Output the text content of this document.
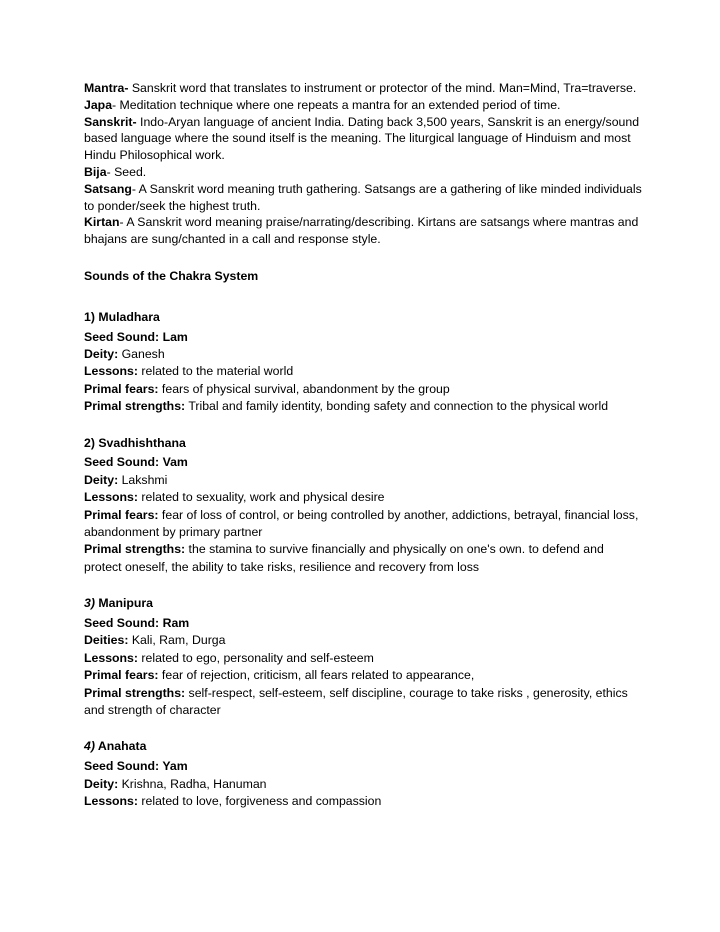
Mantra- Sanskrit word that translates to instrument or protector of the mind. Man=Mind, Tra=traverse.

Japa- Meditation technique where one repeats a mantra for an extended period of time.

Sanskrit- Indo-Aryan language of ancient India. Dating back 3,500 years, Sanskrit is an energy/sound based language where the sound itself is the meaning. The liturgical language of Hinduism and most Hindu Philosophical work.

Bija- Seed.

Satsang- A Sanskrit word meaning truth gathering. Satsangs are a gathering of like minded individuals to ponder/seek the highest truth.

Kirtan- A Sanskrit word meaning praise/narrating/describing. Kirtans are satsangs where mantras and bhajans are sung/chanted in a call and response style.

Sounds of the Chakra System

1) Muladhara

Seed Sound: Lam

Deity: Ganesh

Lessons: related to the material world

Primal fears: fears of physical survival, abandonment by the group

Primal strengths: Tribal and family identity, bonding safety and connection to the physical world

2) Svadhishthana

Seed Sound: Vam

Deity: Lakshmi

Lessons: related to sexuality, work and physical desire

Primal fears: fear of loss of control, or being controlled by another, addictions, betrayal, financial loss, abandonment by primary partner

Primal strengths: the stamina to survive financially and physically on one's own. to defend and protect oneself, the ability to take risks, resilience and recovery from loss

3) Manipura

Seed Sound: Ram

Deities: Kali, Ram, Durga

Lessons: related to ego, personality and self-esteem

Primal fears: fear of rejection, criticism, all fears related to appearance,

Primal strengths: self-respect, self-esteem, self discipline, courage to take risks , generosity, ethics and strength of character

4) Anahata

Seed Sound: Yam

Deity: Krishna, Radha, Hanuman

Lessons: related to love, forgiveness and compassion
